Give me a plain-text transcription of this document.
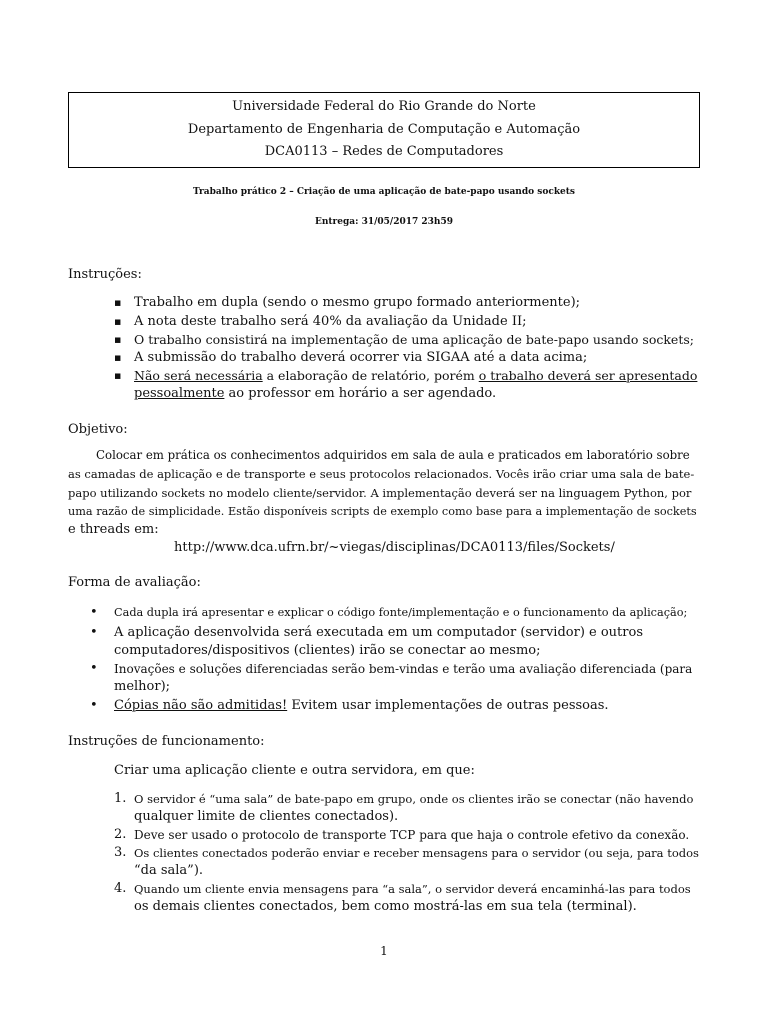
Universidade Federal do Rio Grande do Norte
Departamento de Engenharia de Computação e Automação
DCA0113 – Redes de Computadores
Trabalho prático 2 – Criação de uma aplicação de bate-papo usando sockets
Entrega: 31/05/2017 23h59
Instruções:
▪ Trabalho em dupla (sendo o mesmo grupo formado anteriormente);
▪ A nota deste trabalho será 40% da avaliação da Unidade II;
▪ O trabalho consistirá na implementação de uma aplicação de bate-papo usando sockets;
▪ A submissão do trabalho deverá ocorrer via SIGAA até a data acima;
▪ Não será necessária a elaboração de relatório, porém o trabalho deverá ser apresentado
pessoalmente ao professor em horário a ser agendado.
Objetivo:
Colocar em prática os conhecimentos adquiridos em sala de aula e praticados em laboratório sobre
as camadas de aplicação e de transporte e seus protocolos relacionados. Vocês irão criar uma sala de bate-
papo utilizando sockets no modelo cliente/servidor. A implementação deverá ser na linguagem Python, por
uma razão de simplicidade. Estão disponíveis scripts de exemplo como base para a implementação de sockets
e threads em:
http://www.dca.ufrn.br/~viegas/disciplinas/DCA0113/files/Sockets/
Forma de avaliação:
• Cada dupla irá apresentar e explicar o código fonte/implementação e o funcionamento da aplicação;
• A aplicação desenvolvida será executada em um computador (servidor) e outros
computadores/dispositivos (clientes) irão se conectar ao mesmo;
• Inovações e soluções diferenciadas serão bem-vindas e terão uma avaliação diferenciada (para
melhor);
• Cópias não são admitidas! Evitem usar implementações de outras pessoas.
Instruções de funcionamento:
Criar uma aplicação cliente e outra servidora, em que:
1. O servidor é “uma sala” de bate-papo em grupo, onde os clientes irão se conectar (não havendo
qualquer limite de clientes conectados).
2. Deve ser usado o protocolo de transporte TCP para que haja o controle efetivo da conexão.
3. Os clientes conectados poderão enviar e receber mensagens para o servidor (ou seja, para todos
“da sala”).
4. Quando um cliente envia mensagens para “a sala”, o servidor deverá encaminhá-las para todos
os demais clientes conectados, bem como mostrá-las em sua tela (terminal).
1
